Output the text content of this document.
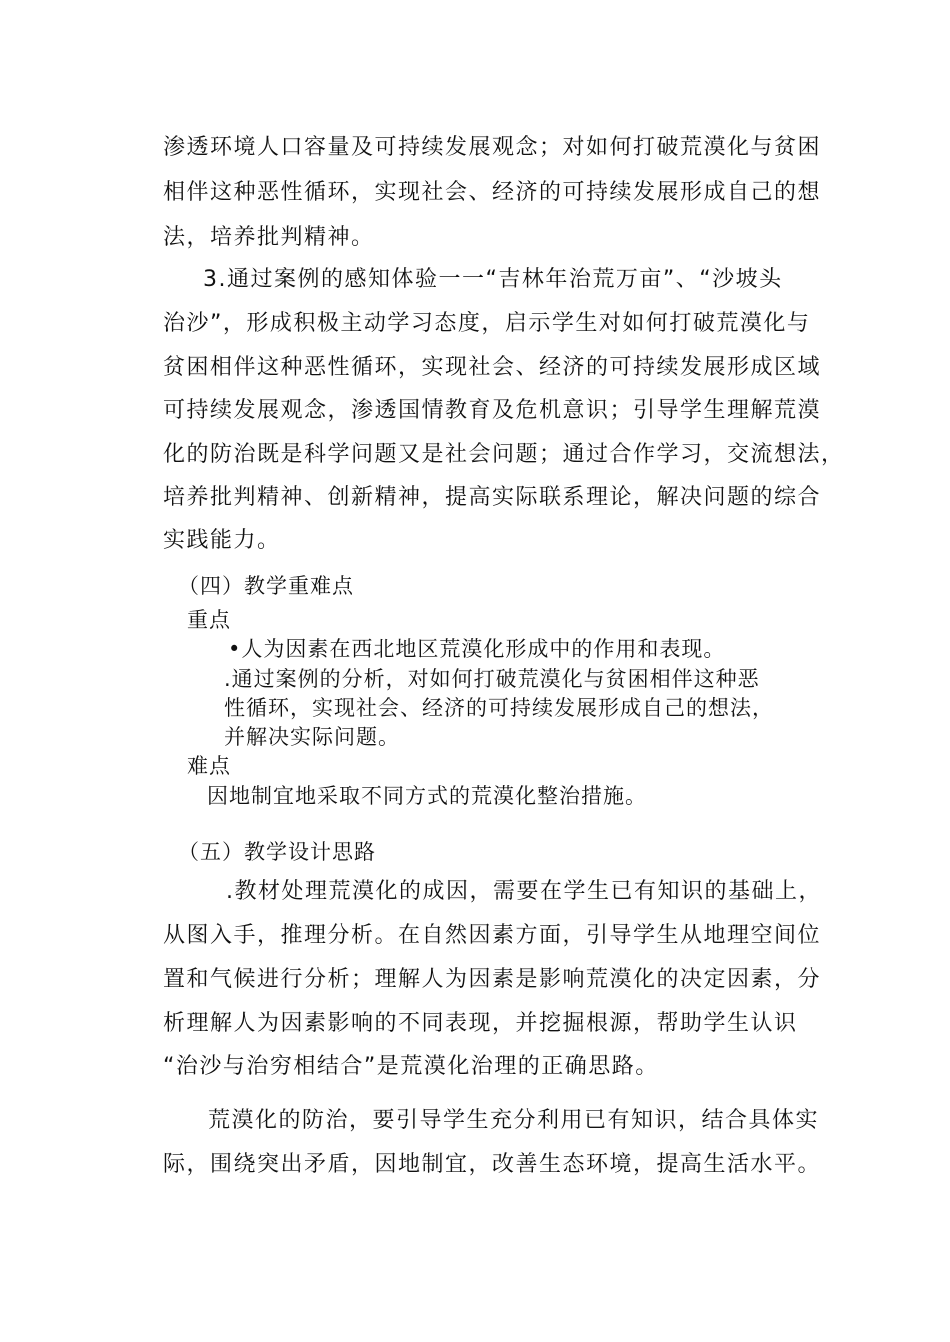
渗透环境人口容量及可持续发展观念；对如何打破荒漠化与贫困

相伴这种恶性循环，实现社会、经济的可持续发展形成自己的想

法，培养批判精神。

3.通过案例的感知体验一一“吉林年治荒万亩”、“沙坡头

治沙”，形成积极主动学习态度，启示学生对如何打破荒漠化与

贫困相伴这种恶性循环，实现社会、经济的可持续发展形成区域

可持续发展观念，渗透国情教育及危机意识；引导学生理解荒漠

化的防治既是科学问题又是社会问题；通过合作学习，交流想法，

培养批判精神、创新精神，提高实际联系理论，解决问题的综合

实践能力。

（四）教学重难点

重点

•人为因素在西北地区荒漠化形成中的作用和表现。

.通过案例的分析，对如何打破荒漠化与贫困相伴这种恶

性循环，实现社会、经济的可持续发展形成自己的想法，

并解决实际问题。

难点

因地制宜地采取不同方式的荒漠化整治措施。

（五）教学设计思路

.教材处理荒漠化的成因，需要在学生已有知识的基础上，

从图入手，推理分析。在自然因素方面，引导学生从地理空间位

置和气候进行分析；理解人为因素是影响荒漠化的决定因素，分

析理解人为因素影响的不同表现，并挖掘根源，帮助学生认识

“治沙与治穷相结合”是荒漠化治理的正确思路。

荒漠化的防治，要引导学生充分利用已有知识，结合具体实

际，围绕突出矛盾，因地制宜，改善生态环境，提高生活水平。
